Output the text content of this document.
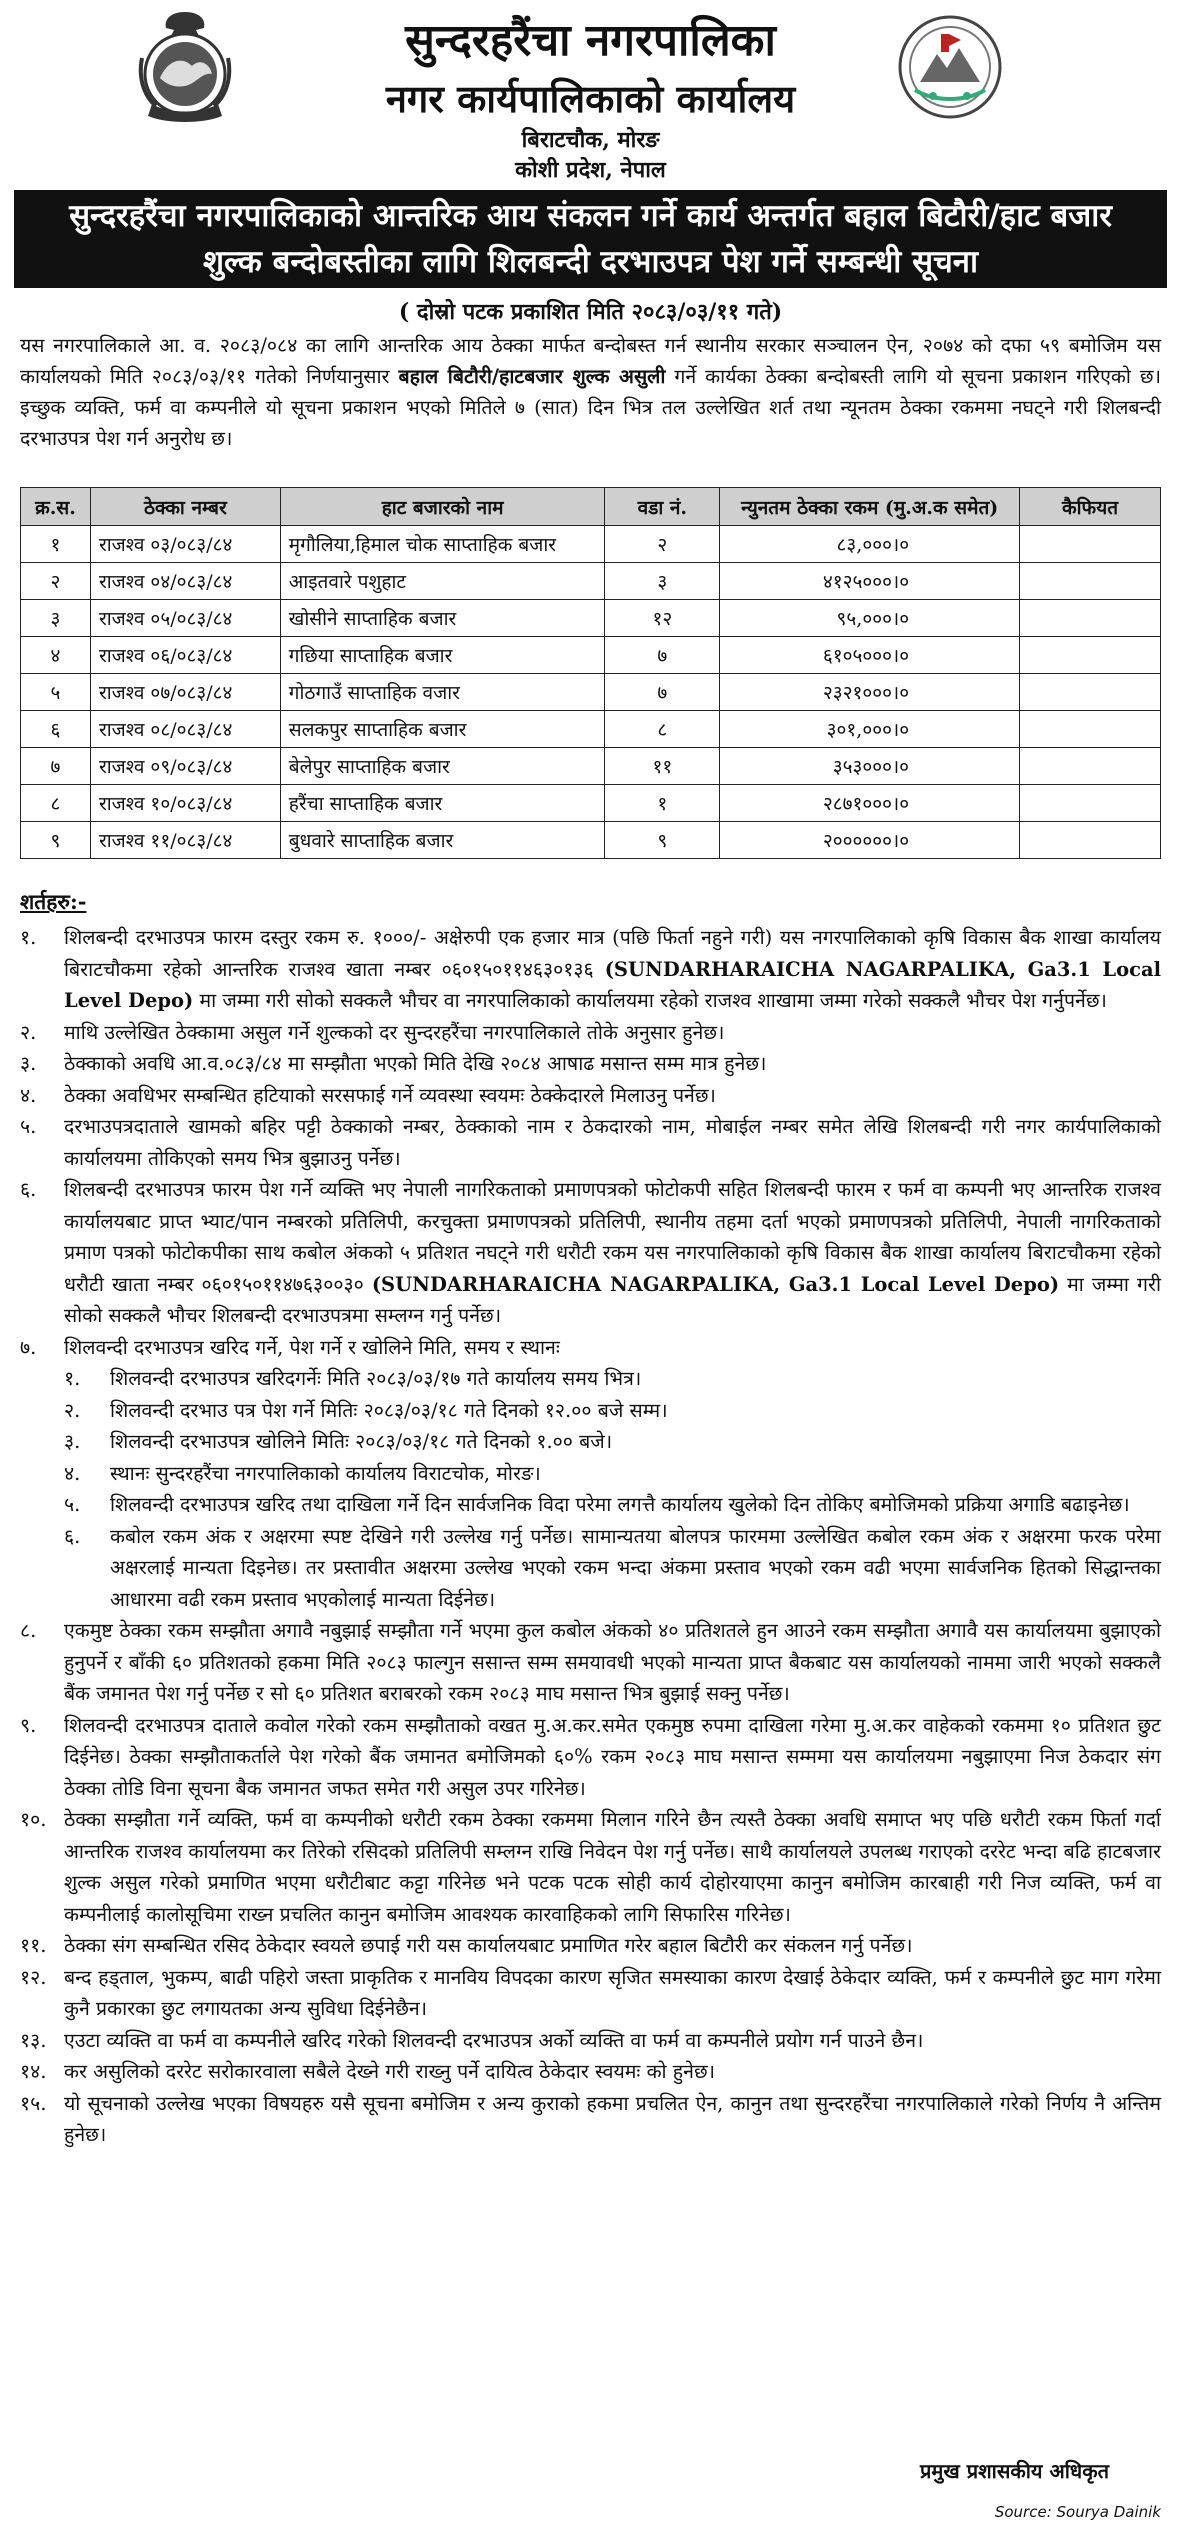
सुन्दरहरैंचा नगरपालिका
नगर कार्यपालिकाको कार्यालय
बिराटचौक, मोरङ
कोशी प्रदेश, नेपाल
सुन्दरहरैंचा नगरपालिकाको आन्तरिक आय संकलन गर्ने कार्य अन्तर्गत बहाल बिटौरी/हाट बजार
शुल्क बन्दोबस्तीका लागि शिलबन्दी दरभाउपत्र पेश गर्ने सम्बन्धी सूचना
( दोस्रो पटक प्रकाशित मिति २०८३/०३/११ गते)
यस नगरपालिकाले आ. व. २०८३/०८४ का लागि आन्तरिक आय ठेक्का मार्फत बन्दोबस्त गर्न स्थानीय सरकार सञ्चालन ऐन, २०७४ को दफा ५९ बमोजिम यस कार्यालयको मिति २०८३/०३/११ गतेको निर्णयानुसार बहाल बिटौरी/हाटबजार शुल्क असुली गर्ने कार्यका ठेक्का बन्दोबस्ती लागि यो सूचना प्रकाशन गरिएको छ। इच्छुक व्यक्ति, फर्म वा कम्पनीले यो सूचना प्रकाशन भएको मितिले ७ (सात) दिन भित्र तल उल्लेखित शर्त तथा न्यूनतम ठेक्का रकममा नघट्ने गरी शिलबन्दी दरभाउपत्र पेश गर्न अनुरोध छ।
क्र.स.	ठेक्का नम्बर	हाट बजारको नाम	वडा नं.	न्युनतम ठेक्का रकम (मु.अ.क समेत)	कैफियत
१	राजश्व ०३/०८३/८४	मृगौलिया,हिमाल चोक साप्ताहिक बजार	२	८३,०००।०	
२	राजश्व ०४/०८३/८४	आइतवारे पशुहाट	३	४१२५०००।०	
३	राजश्व ०५/०८३/८४	खोसीने साप्ताहिक बजार	१२	९५,०००।०	
४	राजश्व ०६/०८३/८४	गछिया साप्ताहिक बजार	७	६१०५०००।०	
५	राजश्व ०७/०८३/८४	गोठगाउँ साप्ताहिक वजार	७	२३२१०००।०	
६	राजश्व ०८/०८३/८४	सलकपुर साप्ताहिक बजार	८	३०१,०००।०	
७	राजश्व ०९/०८३/८४	बेलेपुर साप्ताहिक बजार	११	३५३०००।०	
८	राजश्व १०/०८३/८४	हरैंचा साप्ताहिक बजार	१	२८७१०००।०	
९	राजश्व ११/०८३/८४	बुधवारे साप्ताहिक बजार	९	२००००००।०	
शर्तहरु:-
१. शिलबन्दी दरभाउपत्र फारम दस्तुर रकम रु. १०००/- अक्षेरुपी एक हजार मात्र (पछि फिर्ता नहुने गरी) यस नगरपालिकाको कृषि विकास बैक शाखा कार्यालय बिराटचौकमा रहेको आन्तरिक राजश्व खाता नम्बर ०६०१५०११४६३०१३६ (SUNDARHARAICHA NAGARPALIKA, Ga3.1 Local Level Depo) मा जम्मा गरी सोको सक्कलै भौचर वा नगरपालिकाको कार्यालयमा रहेको राजश्व शाखामा जम्मा गरेको सक्कलै भौचर पेश गर्नुपर्नेछ।
२. माथि उल्लेखित ठेक्कामा असुल गर्ने शुल्कको दर सुन्दरहरैंचा नगरपालिकाले तोके अनुसार हुनेछ।
३. ठेक्काको अवधि आ.व.०८३/८४ मा सम्झौता भएको मिति देखि २०८४ आषाढ मसान्त सम्म मात्र हुनेछ।
४. ठेक्का अवधिभर सम्बन्धित हटियाको सरसफाई गर्ने व्यवस्था स्वयमः ठेक्केदारले मिलाउनु पर्नेछ।
५. दरभाउपत्रदाताले खामको बहिर पट्टी ठेक्काको नम्बर, ठेक्काको नाम र ठेकदारको नाम, मोबाईल नम्बर समेत लेखि शिलबन्दी गरी नगर कार्यपालिकाको कार्यालयमा तोकिएको समय भित्र बुझाउनु पर्नेछ।
६. शिलबन्दी दरभाउपत्र फारम पेश गर्ने व्यक्ति भए नेपाली नागरिकताको प्रमाणपत्रको फोटोकपी सहित शिलबन्दी फारम र फर्म वा कम्पनी भए आन्तरिक राजश्व कार्यालयबाट प्राप्त भ्याट/पान नम्बरको प्रतिलिपी, करचुक्ता प्रमाणपत्रको प्रतिलिपी, स्थानीय तहमा दर्ता भएको प्रमाणपत्रको प्रतिलिपी, नेपाली नागरिकताको प्रमाण पत्रको फोटोकपीका साथ कबोल अंकको ५ प्रतिशत नघट्ने गरी धरौटी रकम यस नगरपालिकाको कृषि विकास बैक शाखा कार्यालय बिराटचौकमा रहेको धरौटी खाता नम्बर ०६०१५०११४७६३००३० (SUNDARHARAICHA NAGARPALIKA, Ga3.1 Local Level Depo) मा जम्मा गरी सोको सक्कलै भौचर शिलबन्दी दरभाउपत्रमा सम्लग्न गर्नु पर्नेछ।
७. शिलवन्दी दरभाउपत्र खरिद गर्ने, पेश गर्ने र खोलिने मिति, समय र स्थानः
१. शिलवन्दी दरभाउपत्र खरिदगर्नेः मिति २०८३/०३/१७ गते कार्यालय समय भित्र।
२. शिलवन्दी दरभाउ पत्र पेश गर्ने मितिः २०८३/०३/१८ गते दिनको १२.०० बजे सम्म।
३. शिलवन्दी दरभाउपत्र खोलिने मितिः २०८३/०३/१८ गते दिनको १.०० बजे।
४. स्थानः सुन्दरहरैंचा नगरपालिकाको कार्यालय विराटचोक, मोरङ।
५. शिलवन्दी दरभाउपत्र खरिद तथा दाखिला गर्ने दिन सार्वजनिक विदा परेमा लगत्तै कार्यालय खुलेको दिन तोकिए बमोजिमको प्रक्रिया अगाडि बढाइनेछ।
६. कबोल रकम अंक र अक्षरमा स्पष्ट देखिने गरी उल्लेख गर्नु पर्नेछ। सामान्यतया बोलपत्र फारममा उल्लेखित कबोल रकम अंक र अक्षरमा फरक परेमा अक्षरलाई मान्यता दिइनेछ। तर प्रस्तावीत अक्षरमा उल्लेख भएको रकम भन्दा अंकमा प्रस्ताव भएको रकम वढी भएमा सार्वजनिक हितको सिद्धान्तका आधारमा वढी रकम प्रस्ताव भएकोलाई मान्यता दिईनेछ।
८. एकमुष्ट ठेक्का रकम सम्झौता अगावै नबुझाई सम्झौता गर्ने भएमा कुल कबोल अंकको ४० प्रतिशतले हुन आउने रकम सम्झौता अगावै यस कार्यालयमा बुझाएको हुनुपर्ने र बाँकी ६० प्रतिशतको हकमा मिति २०८३ फाल्गुन ससान्त सम्म समयावधी भएको मान्यता प्राप्त बैकबाट यस कार्यालयको नाममा जारी भएको सक्कलै बैंक जमानत पेश गर्नु पर्नेछ र सो ६० प्रतिशत बराबरको रकम २०८३ माघ मसान्त भित्र बुझाई सक्नु पर्नेछ।
९. शिलवन्दी दरभाउपत्र दाताले कवोल गरेको रकम सम्झौताको वखत मु.अ.कर.समेत एकमुष्ठ रुपमा दाखिला गरेमा मु.अ.कर वाहेकको रकममा १० प्रतिशत छुट दिईनेछ। ठेक्का सम्झौताकर्ताले पेश गरेको बैंक जमानत बमोजिमको ६०% रकम २०८३ माघ मसान्त सम्ममा यस कार्यालयमा नबुझाएमा निज ठेकदार संग ठेक्का तोडि विना सूचना बैक जमानत जफत समेत गरी असुल उपर गरिनेछ।
१०. ठेक्का सम्झौता गर्ने व्यक्ति, फर्म वा कम्पनीको धरौटी रकम ठेक्का रकममा मिलान गरिने छैन त्यस्तै ठेक्का अवधि समाप्त भए पछि धरौटी रकम फिर्ता गर्दा आन्तरिक राजश्व कार्यालयमा कर तिरेको रसिदको प्रतिलिपी सम्लग्न राखि निवेदन पेश गर्नु पर्नेछ। साथै कार्यालयले उपलब्ध गराएको दररेट भन्दा बढि हाटबजार शुल्क असुल गरेको प्रमाणित भएमा धरौटीबाट कट्टा गरिनेछ भने पटक पटक सोही कार्य दोहोरयाएमा कानुन बमोजिम कारबाही गरी निज व्यक्ति, फर्म वा कम्पनीलाई कालोसूचिमा राख्न प्रचलित कानुन बमोजिम आवश्यक कारवाहिकको लागि सिफारिस गरिनेछ।
११. ठेक्का संग सम्बन्धित रसिद ठेकेदार स्वयले छपाई गरी यस कार्यालयबाट प्रमाणित गरेर बहाल बिटौरी कर संकलन गर्नु पर्नेछ।
१२. बन्द हड्ताल, भुकम्प, बाढी पहिरो जस्ता प्राकृतिक र मानविय विपदका कारण सृजित समस्याका कारण देखाई ठेकेदार व्यक्ति, फर्म र कम्पनीले छुट माग गरेमा कुनै प्रकारका छुट लगायतका अन्य सुविधा दिईनेछैन।
१३. एउटा व्यक्ति वा फर्म वा कम्पनीले खरिद गरेको शिलवन्दी दरभाउपत्र अर्को व्यक्ति वा फर्म वा कम्पनीले प्रयोग गर्न पाउने छैन।
१४. कर असुलिको दररेट सरोकारवाला सबैले देख्ने गरी राख्नु पर्ने दायित्व ठेकेदार स्वयमः को हुनेछ।
१५. यो सूचनाको उल्लेख भएका विषयहरु यसै सूचना बमोजिम र अन्य कुराको हकमा प्रचलित ऐन, कानुन तथा सुन्दरहरैंचा नगरपालिकाले गरेको निर्णय नै अन्तिम हुनेछ।
प्रमुख प्रशासकीय अधिकृत
Source: Sourya Dainik
